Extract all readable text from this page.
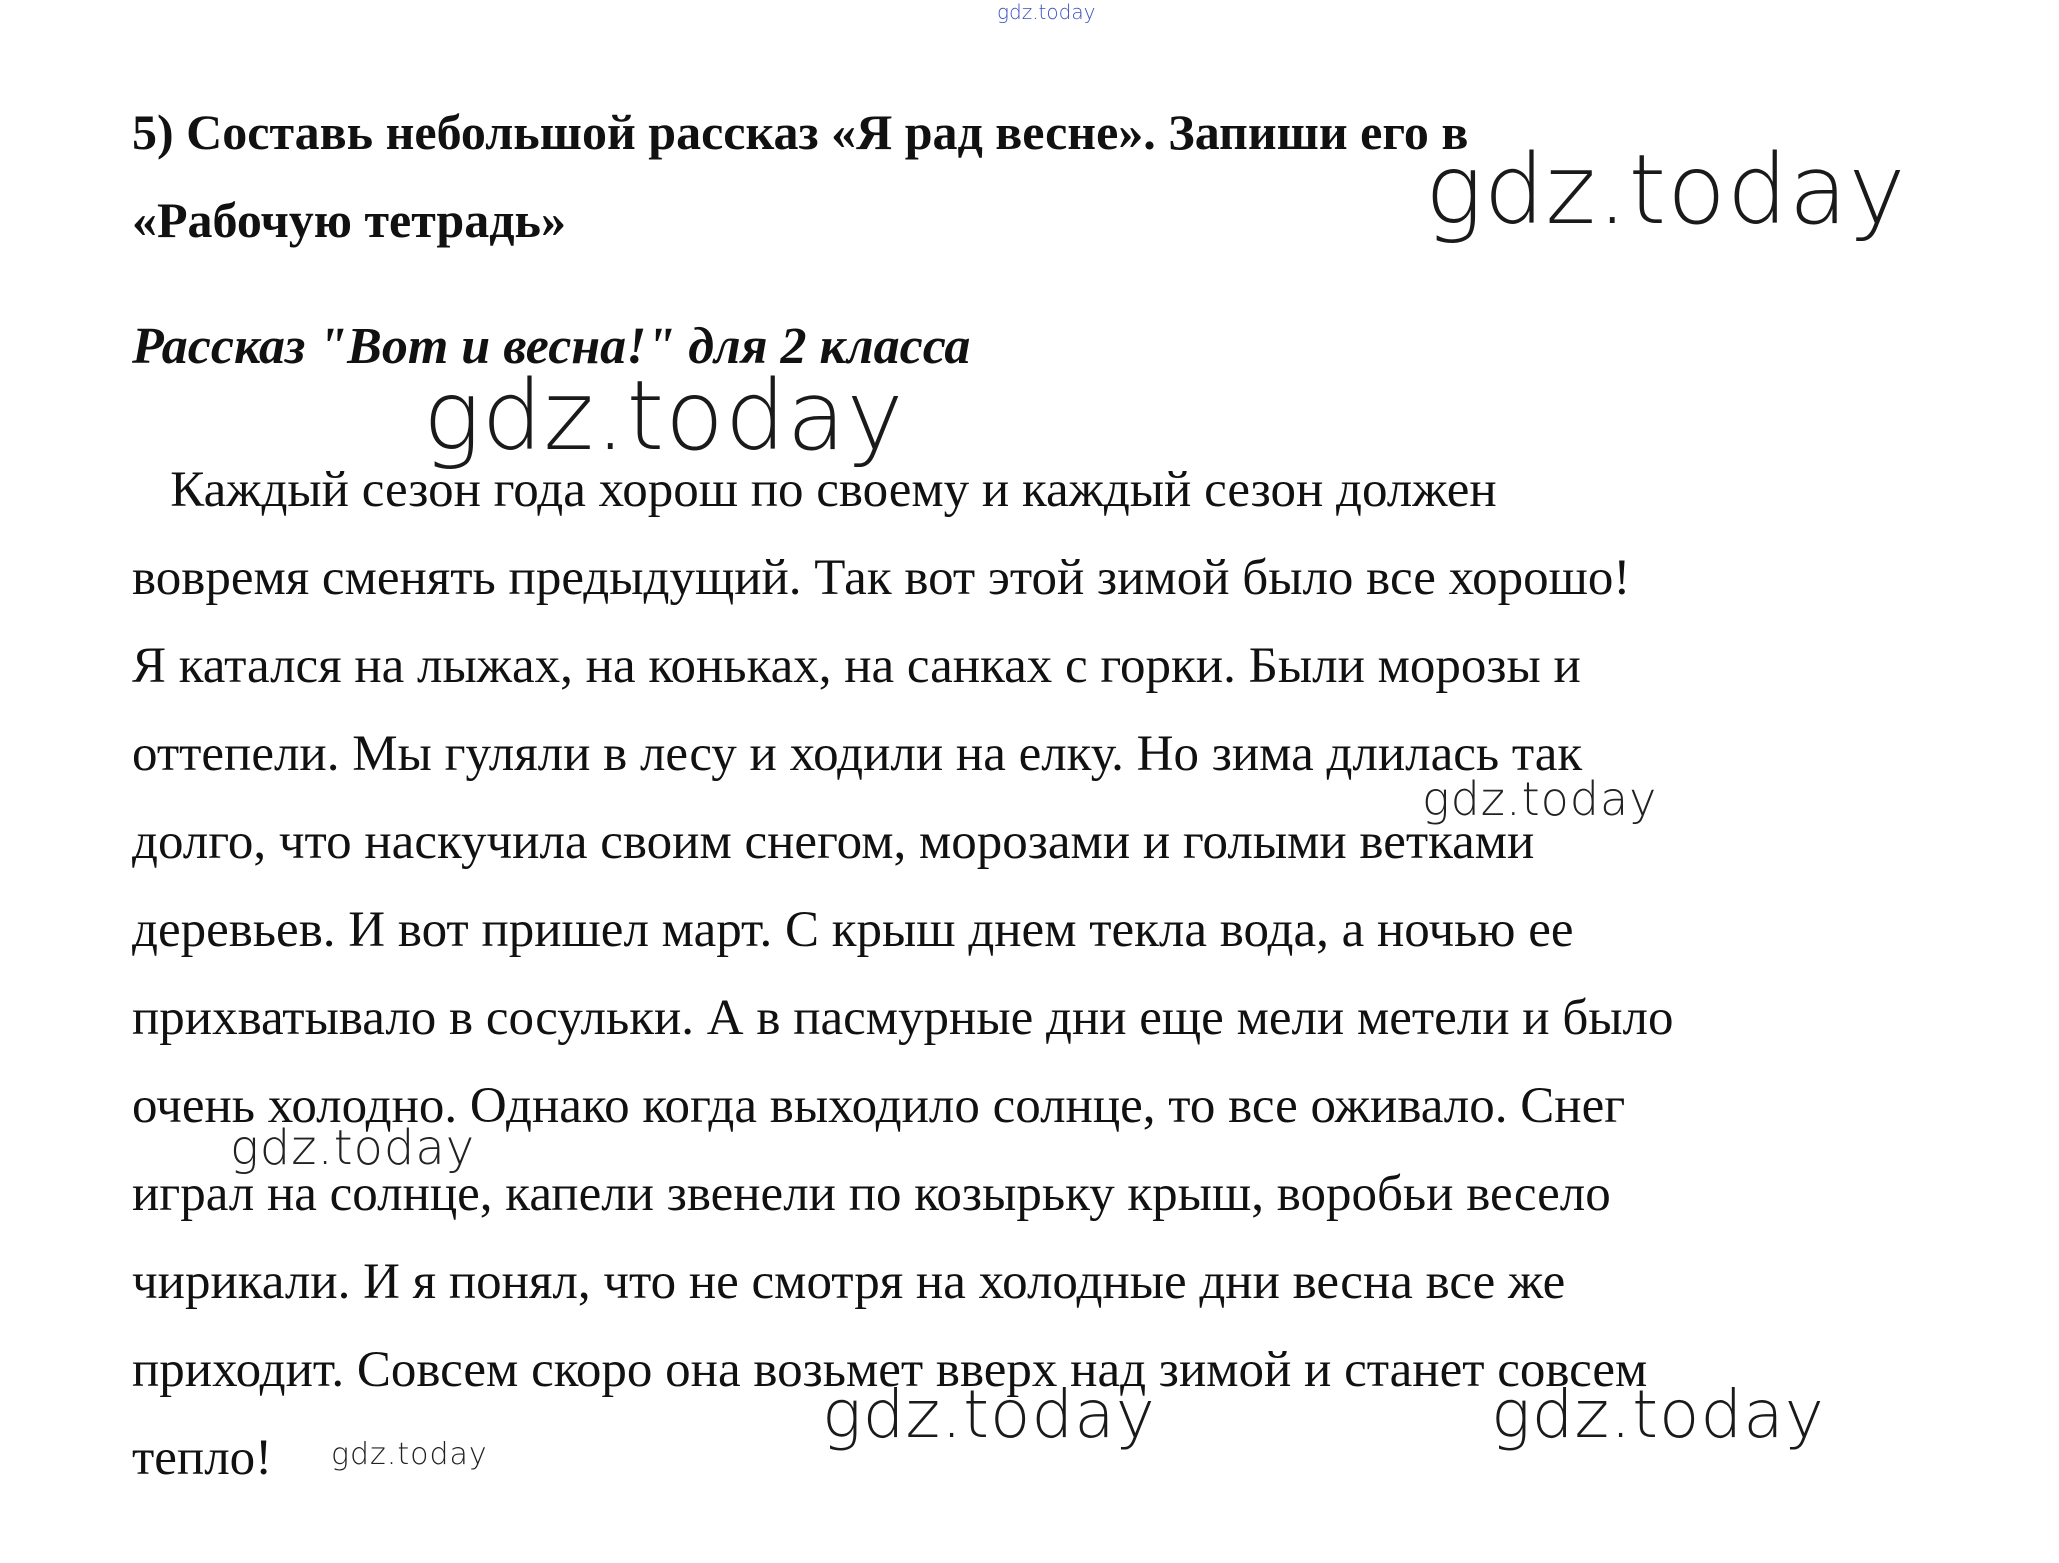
gdz.today
5) Составь небольшой рассказ «Я рад весне». Запиши его в
«Рабочую тетрадь»	gdz.today
Рассказ "Вот и весна!" для 2 класса
gdz.today
Каждый сезон года хорош по своему и каждый сезон должен
вовремя сменять предыдущий. Так вот этой зимой было все хорошо!
Я катался на лыжах, на коньках, на санках с горки. Были морозы и
оттепели. Мы гуляли в лесу и ходили на елку. Но зима длилась так
долго, что наскучила своим снегом, морозами и голыми ветками
деревьев. И вот пришел март. С крыш днем текла вода, а ночью ее
прихватывало в сосульки. А в пасмурные дни еще мели метели и было
очень холодно. Однако когда выходило солнце, то все оживало. Снег
играл на солнце, капели звенели по козырьку крыш, воробьи весело
чирикали. И я понял, что не смотря на холодные дни весна все же
приходит. Совсем скоро она возьмет вверх над зимой и станет совсем
тепло!
gdz.today
gdz.today
gdz.today	gdz.today
gdz.today
